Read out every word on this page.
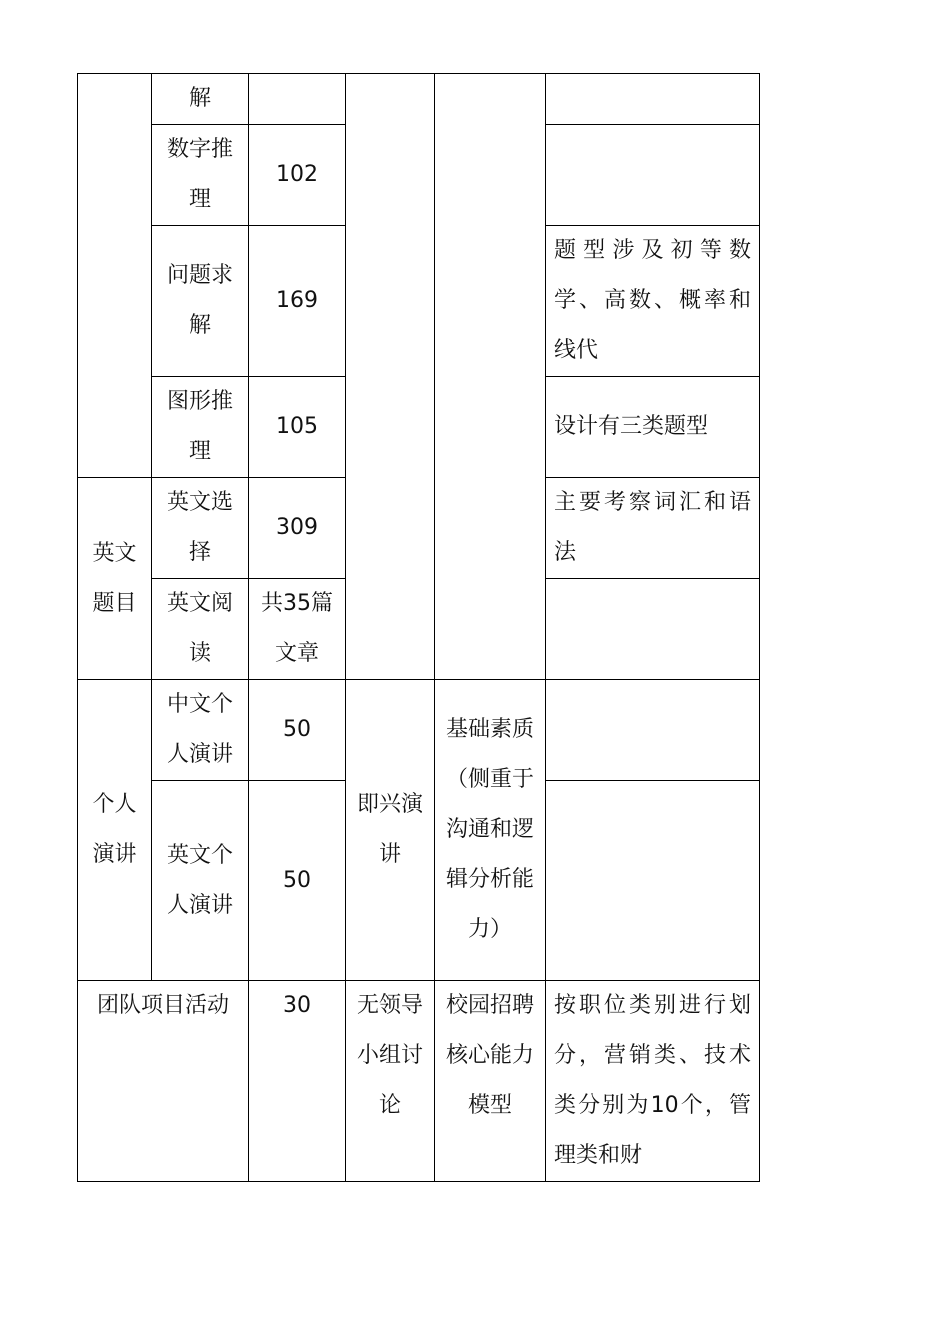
	解				
	数字推理	102			
	问题求解	169			题型涉及初等数学、高数、概率和线代
	图形推理	105			设计有三类题型
英文题目	英文选择	309			主要考察词汇和语法
	英文阅读	共35篇文章			
个人演讲	中文个人演讲	50	即兴演讲	基础素质（侧重于沟通和逻辑分析能力）	
	英文个人演讲	50			
团队项目活动		30	无领导小组讨论	校园招聘核心能力模型	按职位类别进行划分，营销类、技术类分别为10个，管理类和财
